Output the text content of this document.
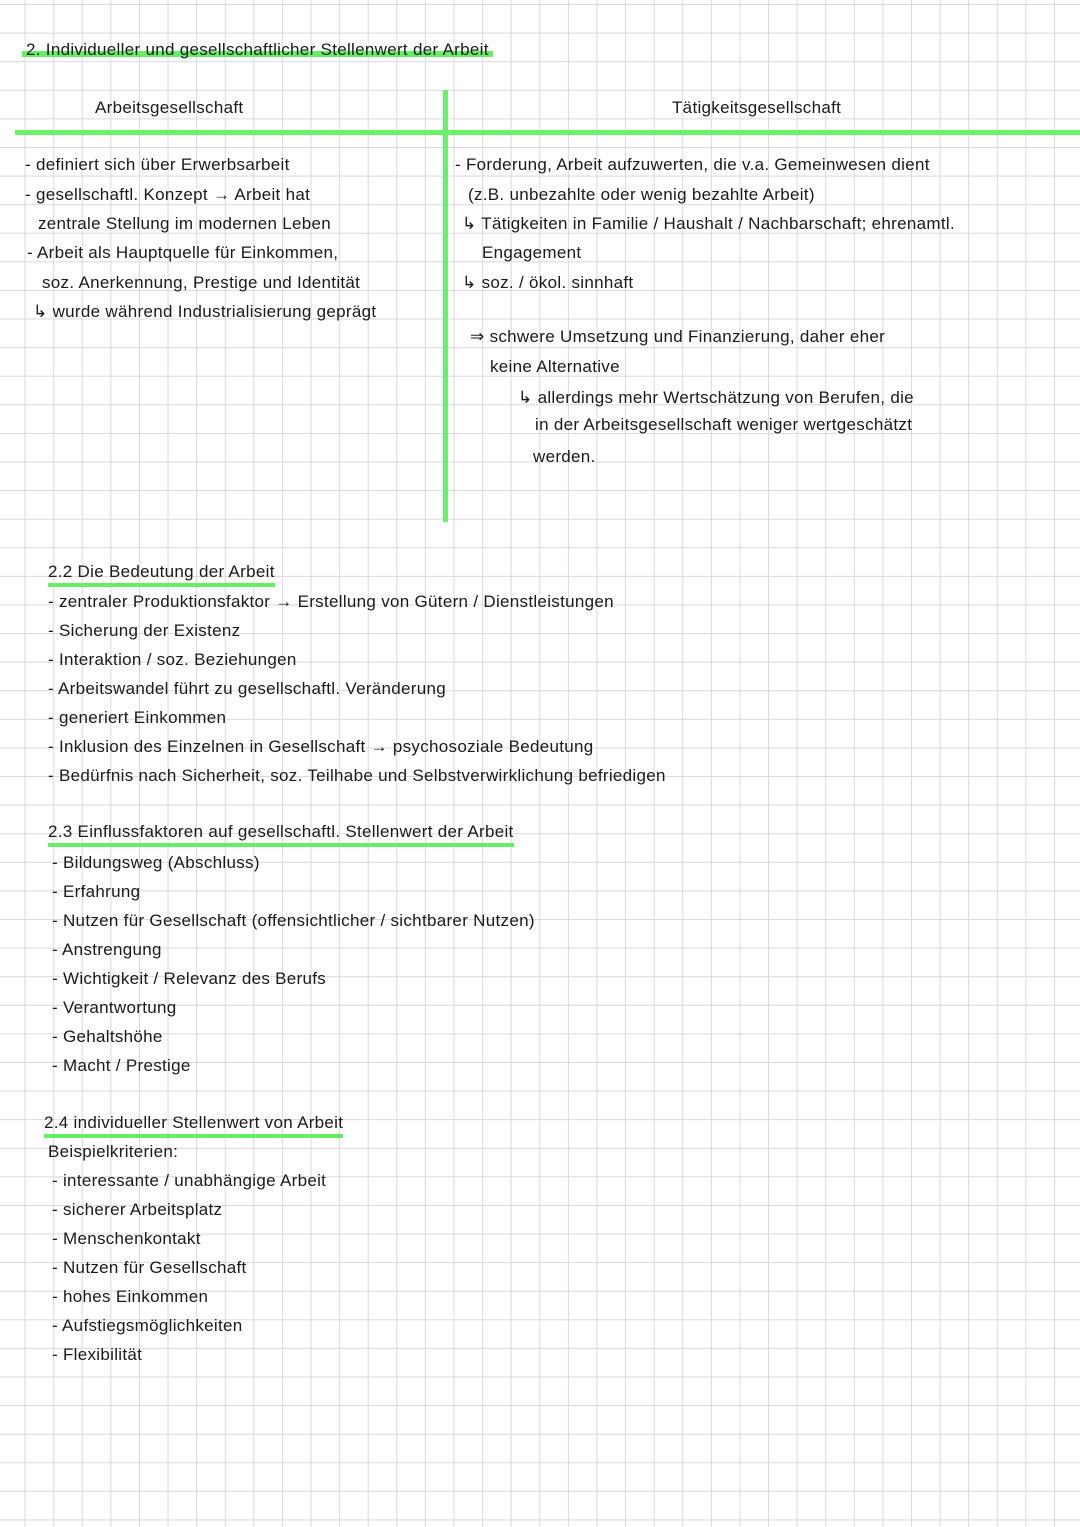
2. Individueller und gesellschaftlicher Stellenwert der Arbeit
Arbeitsgesellschaft	Tätigkeitsgesellschaft
- definiert sich über Erwerbsarbeit
- gesellschaftl. Konzept → Arbeit hat
zentrale Stellung im modernen Leben
- Arbeit als Hauptquelle für Einkommen,
soz. Anerkennung, Prestige und Identität
↳ wurde während Industrialisierung geprägt
- Forderung, Arbeit aufzuwerten, die v.a. Gemeinwesen dient
(z.B. unbezahlte oder wenig bezahlte Arbeit)
↳ Tätigkeiten in Familie / Haushalt / Nachbarschaft; ehrenamtl.
Engagement
↳ soz. / ökol. sinnhaft
⇒ schwere Umsetzung und Finanzierung, daher eher
keine Alternative
↳ allerdings mehr Wertschätzung von Berufen, die
in der Arbeitsgesellschaft weniger wertgeschätzt
werden.
2.2 Die Bedeutung der Arbeit
- zentraler Produktionsfaktor → Erstellung von Gütern / Dienstleistungen
- Sicherung der Existenz
- Interaktion / soz. Beziehungen
- Arbeitswandel führt zu gesellschaftl. Veränderung
- generiert Einkommen
- Inklusion des Einzelnen in Gesellschaft → psychosoziale Bedeutung
- Bedürfnis nach Sicherheit, soz. Teilhabe und Selbstverwirklichung befriedigen
2.3 Einflussfaktoren auf gesellschaftl. Stellenwert der Arbeit
- Bildungsweg (Abschluss)
- Erfahrung
- Nutzen für Gesellschaft (offensichtlicher / sichtbarer Nutzen)
- Anstrengung
- Wichtigkeit / Relevanz des Berufs
- Verantwortung
- Gehaltshöhe
- Macht / Prestige
2.4 individueller Stellenwert von Arbeit
Beispielkriterien:
- interessante / unabhängige Arbeit
- sicherer Arbeitsplatz
- Menschenkontakt
- Nutzen für Gesellschaft
- hohes Einkommen
- Aufstiegsmöglichkeiten
- Flexibilität
